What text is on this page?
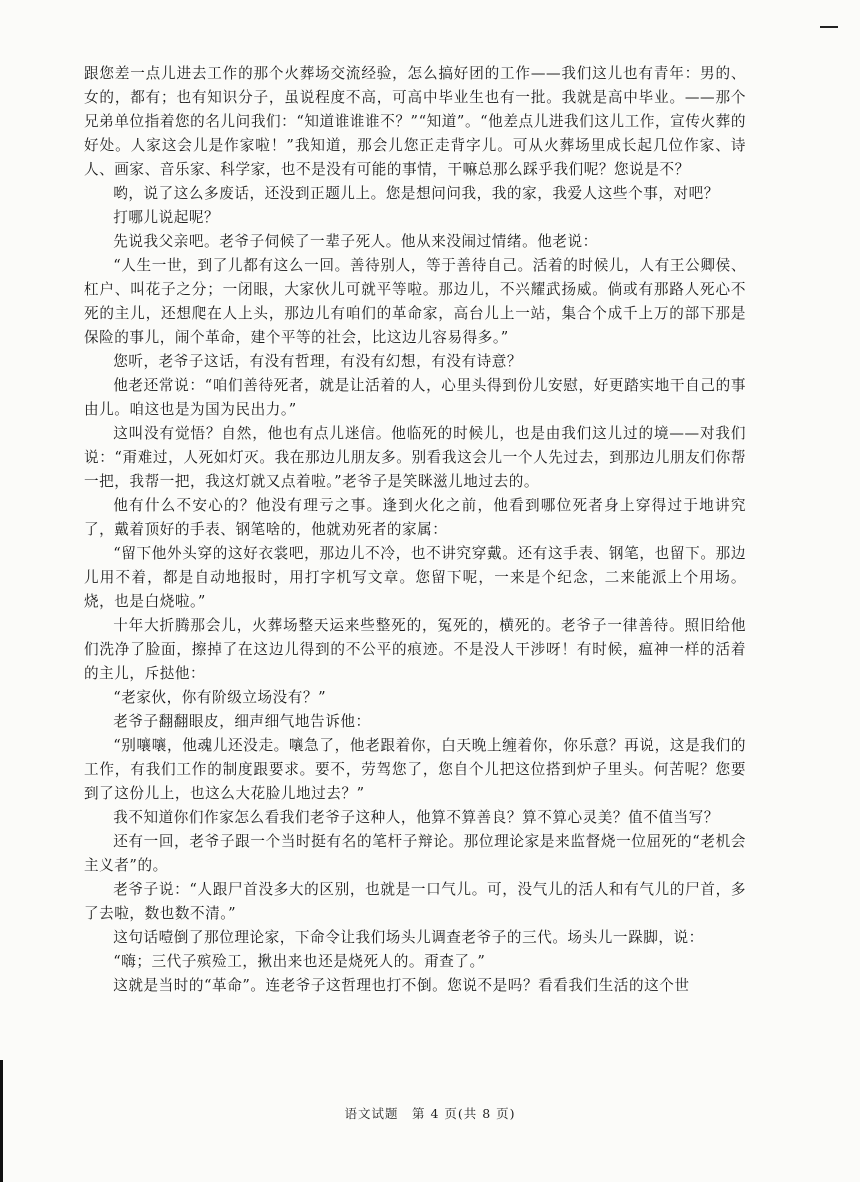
跟您差一点儿进去工作的那个火葬场交流经验，怎么搞好团的工作——我们这儿也有青年：男的、女的，都有；也有知识分子，虽说程度不高，可高中毕业生也有一批。我就是高中毕业。——那个兄弟单位指着您的名儿问我们：“知道谁谁谁不？”“知道”。“他差点儿进我们这儿工作，宣传火葬的好处。人家这会儿是作家啦！”我知道，那会儿您正走背字儿。可从火葬场里成长起几位作家、诗人、画家、音乐家、科学家，也不是没有可能的事情，干嘛总那么踩乎我们呢？您说是不？

哟，说了这么多废话，还没到正题儿上。您是想问问我，我的家，我爱人这些个事，对吧？

打哪儿说起呢？

先说我父亲吧。老爷子伺候了一辈子死人。他从来没闹过情绪。他老说：

“人生一世，到了儿都有这么一回。善待别人，等于善待自己。活着的时候儿，人有王公卿侯、杠户、叫花子之分；一闭眼，大家伙儿可就平等啦。那边儿，不兴耀武扬威。倘或有那路人死心不死的主儿，还想爬在人上头，那边儿有咱们的革命家，高台儿上一站，集合个成千上万的部下那是保险的事儿，闹个革命，建个平等的社会，比这边儿容易得多。”

您听，老爷子这话，有没有哲理，有没有幻想，有没有诗意？

他老还常说：“咱们善待死者，就是让活着的人，心里头得到份儿安慰，好更踏实地干自己的事由儿。咱这也是为国为民出力。”

这叫没有觉悟？自然，他也有点儿迷信。他临死的时候儿，也是由我们这儿过的境——对我们说：“甭难过，人死如灯灭。我在那边儿朋友多。别看我这会儿一个人先过去，到那边儿朋友们你帮一把，我帮一把，我这灯就又点着啦。”老爷子是笑眯滋儿地过去的。

他有什么不安心的？他没有理亏之事。逢到火化之前，他看到哪位死者身上穿得过于地讲究了，戴着顶好的手表、钢笔啥的，他就劝死者的家属：

“留下他外头穿的这好衣裳吧，那边儿不冷，也不讲究穿戴。还有这手表、钢笔，也留下。那边儿用不着，都是自动地报时，用打字机写文章。您留下呢，一来是个纪念，二来能派上个用场。烧，也是白烧啦。”

十年大折腾那会儿，火葬场整天运来些整死的，冤死的，横死的。老爷子一律善待。照旧给他们洗净了脸面，擦掉了在这边儿得到的不公平的痕迹。不是没人干涉呀！有时候，瘟神一样的活着的主儿，斥挞他：

“老家伙，你有阶级立场没有？”

老爷子翻翻眼皮，细声细气地告诉他：

“别嚷嚷，他魂儿还没走。嚷急了，他老跟着你，白天晚上缠着你，你乐意？再说，这是我们的工作，有我们工作的制度跟要求。要不，劳驾您了，您自个儿把这位搭到炉子里头。何苦呢？您要到了这份儿上，也这么大花脸儿地过去？”

我不知道你们作家怎么看我们老爷子这种人，他算不算善良？算不算心灵美？值不值当写？

还有一回，老爷子跟一个当时挺有名的笔杆子辩论。那位理论家是来监督烧一位屈死的“老机会主义者”的。

老爷子说：“人跟尸首没多大的区别，也就是一口气儿。可，没气儿的活人和有气儿的尸首，多了去啦，数也数不清。”

这句话噎倒了那位理论家，下命令让我们场头儿调查老爷子的三代。场头儿一跺脚，说：

“嗨；三代子殡殓工，揪出来也还是烧死人的。甭查了。”

这就是当时的“革命”。连老爷子这哲理也打不倒。您说不是吗？看看我们生活的这个世

语文试题　第 4 页(共 8 页)
